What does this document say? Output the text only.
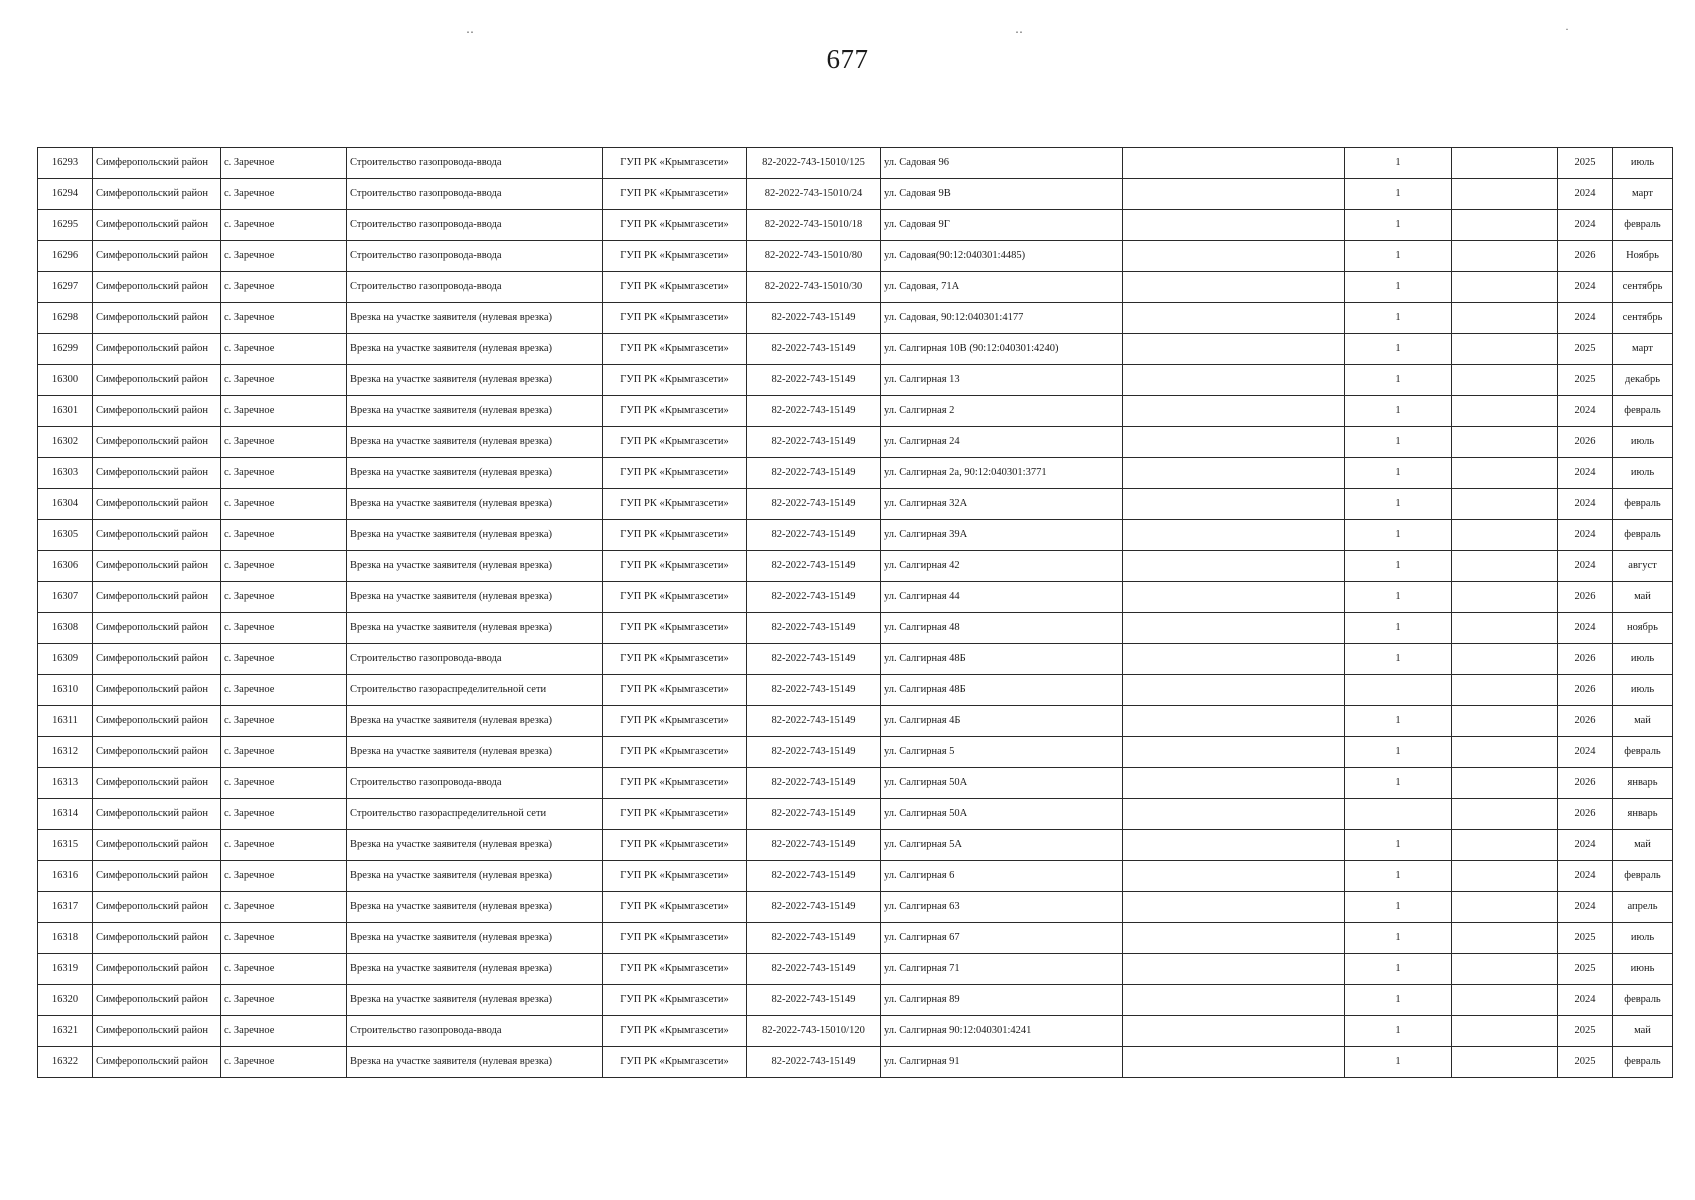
677
‥	‥	·
16293	Симферопольский район	с. Заречное	Строительство газопровода-ввода	ГУП РК «Крымгазсети»	82-2022-743-15010/125	ул. Садовая 96		1		2025	июль
16294	Симферопольский район	с. Заречное	Строительство газопровода-ввода	ГУП РК «Крымгазсети»	82-2022-743-15010/24	ул. Садовая 9В		1		2024	март
16295	Симферопольский район	с. Заречное	Строительство газопровода-ввода	ГУП РК «Крымгазсети»	82-2022-743-15010/18	ул. Садовая 9Г		1		2024	февраль
16296	Симферопольский район	с. Заречное	Строительство газопровода-ввода	ГУП РК «Крымгазсети»	82-2022-743-15010/80	ул. Садовая(90:12:040301:4485)		1		2026	Ноябрь
16297	Симферопольский район	с. Заречное	Строительство газопровода-ввода	ГУП РК «Крымгазсети»	82-2022-743-15010/30	ул. Садовая, 71А		1		2024	сентябрь
16298	Симферопольский район	с. Заречное	Врезка на участке заявителя (нулевая врезка)	ГУП РК «Крымгазсети»	82-2022-743-15149	ул. Садовая, 90:12:040301:4177		1		2024	сентябрь
16299	Симферопольский район	с. Заречное	Врезка на участке заявителя (нулевая врезка)	ГУП РК «Крымгазсети»	82-2022-743-15149	ул. Салгирная 10В (90:12:040301:4240)		1		2025	март
16300	Симферопольский район	с. Заречное	Врезка на участке заявителя (нулевая врезка)	ГУП РК «Крымгазсети»	82-2022-743-15149	ул. Салгирная 13		1		2025	декабрь
16301	Симферопольский район	с. Заречное	Врезка на участке заявителя (нулевая врезка)	ГУП РК «Крымгазсети»	82-2022-743-15149	ул. Салгирная 2		1		2024	февраль
16302	Симферопольский район	с. Заречное	Врезка на участке заявителя (нулевая врезка)	ГУП РК «Крымгазсети»	82-2022-743-15149	ул. Салгирная 24		1		2026	июль
16303	Симферопольский район	с. Заречное	Врезка на участке заявителя (нулевая врезка)	ГУП РК «Крымгазсети»	82-2022-743-15149	ул. Салгирная 2а, 90:12:040301:3771		1		2024	июль
16304	Симферопольский район	с. Заречное	Врезка на участке заявителя (нулевая врезка)	ГУП РК «Крымгазсети»	82-2022-743-15149	ул. Салгирная 32А		1		2024	февраль
16305	Симферопольский район	с. Заречное	Врезка на участке заявителя (нулевая врезка)	ГУП РК «Крымгазсети»	82-2022-743-15149	ул. Салгирная 39А		1		2024	февраль
16306	Симферопольский район	с. Заречное	Врезка на участке заявителя (нулевая врезка)	ГУП РК «Крымгазсети»	82-2022-743-15149	ул. Салгирная 42		1		2024	август
16307	Симферопольский район	с. Заречное	Врезка на участке заявителя (нулевая врезка)	ГУП РК «Крымгазсети»	82-2022-743-15149	ул. Салгирная 44		1		2026	май
16308	Симферопольский район	с. Заречное	Врезка на участке заявителя (нулевая врезка)	ГУП РК «Крымгазсети»	82-2022-743-15149	ул. Салгирная 48		1		2024	ноябрь
16309	Симферопольский район	с. Заречное	Строительство газопровода-ввода	ГУП РК «Крымгазсети»	82-2022-743-15149	ул. Салгирная 48Б		1		2026	июль
16310	Симферопольский район	с. Заречное	Строительство газораспределительной сети	ГУП РК «Крымгазсети»	82-2022-743-15149	ул. Салгирная 48Б				2026	июль
16311	Симферопольский район	с. Заречное	Врезка на участке заявителя (нулевая врезка)	ГУП РК «Крымгазсети»	82-2022-743-15149	ул. Салгирная 4Б		1		2026	май
16312	Симферопольский район	с. Заречное	Врезка на участке заявителя (нулевая врезка)	ГУП РК «Крымгазсети»	82-2022-743-15149	ул. Салгирная 5		1		2024	февраль
16313	Симферопольский район	с. Заречное	Строительство газопровода-ввода	ГУП РК «Крымгазсети»	82-2022-743-15149	ул. Салгирная 50А		1		2026	январь
16314	Симферопольский район	с. Заречное	Строительство газораспределительной сети	ГУП РК «Крымгазсети»	82-2022-743-15149	ул. Салгирная 50А				2026	январь
16315	Симферопольский район	с. Заречное	Врезка на участке заявителя (нулевая врезка)	ГУП РК «Крымгазсети»	82-2022-743-15149	ул. Салгирная 5А		1		2024	май
16316	Симферопольский район	с. Заречное	Врезка на участке заявителя (нулевая врезка)	ГУП РК «Крымгазсети»	82-2022-743-15149	ул. Салгирная 6		1		2024	февраль
16317	Симферопольский район	с. Заречное	Врезка на участке заявителя (нулевая врезка)	ГУП РК «Крымгазсети»	82-2022-743-15149	ул. Салгирная 63		1		2024	апрель
16318	Симферопольский район	с. Заречное	Врезка на участке заявителя (нулевая врезка)	ГУП РК «Крымгазсети»	82-2022-743-15149	ул. Салгирная 67		1		2025	июль
16319	Симферопольский район	с. Заречное	Врезка на участке заявителя (нулевая врезка)	ГУП РК «Крымгазсети»	82-2022-743-15149	ул. Салгирная 71		1		2025	июнь
16320	Симферопольский район	с. Заречное	Врезка на участке заявителя (нулевая врезка)	ГУП РК «Крымгазсети»	82-2022-743-15149	ул. Салгирная 89		1		2024	февраль
16321	Симферопольский район	с. Заречное	Строительство газопровода-ввода	ГУП РК «Крымгазсети»	82-2022-743-15010/120	ул. Салгирная 90:12:040301:4241		1		2025	май
16322	Симферопольский район	с. Заречное	Врезка на участке заявителя (нулевая врезка)	ГУП РК «Крымгазсети»	82-2022-743-15149	ул. Салгирная 91		1		2025	февраль
